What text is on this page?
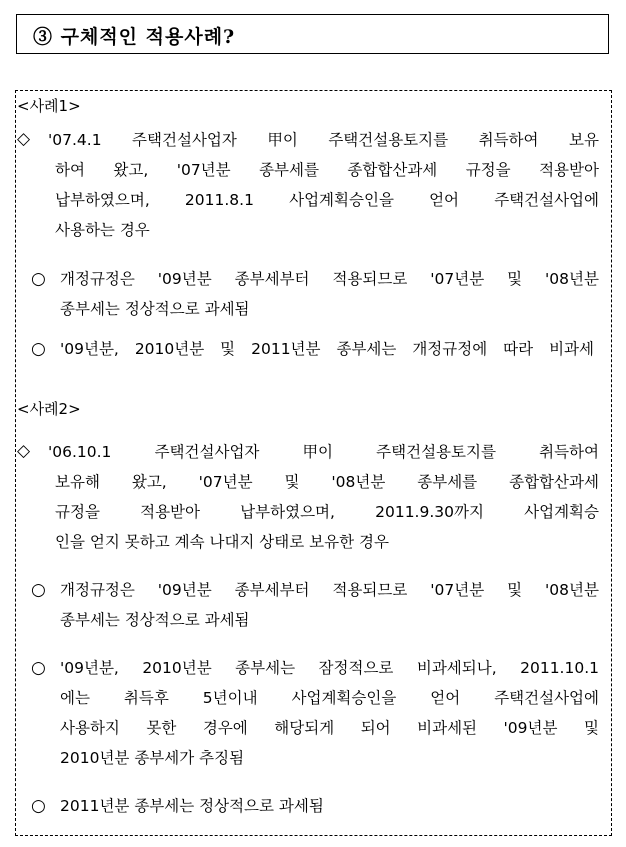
③ 구체적인 적용사례?
<사례1>
◇ '07.4.1 주택건설사업자 甲이 주택건설용토지를 취득하여 보유
하여 왔고, '07년분 종부세를 종합합산과세 규정을 적용받아
납부하였으며, 2011.8.1 사업계획승인을 얻어 주택건설사업에
사용하는 경우
○ 개정규정은 '09년분 종부세부터 적용되므로 '07년분 및 '08년분
종부세는 정상적으로 과세됨
○ '09년분, 2010년분 및 2011년분 종부세는 개정규정에 따라 비과세
<사례2>
◇ '06.10.1	주택건설사업자	甲이	주택건설용토지를	취득하여
보유해 왔고, '07년분 및 '08년분 종부세를 종합합산과세
규정을	적용받아	납부하였으며,	2011.9.30까지	사업계획승
인을 얻지 못하고 계속 나대지 상태로 보유한 경우
○ 개정규정은 '09년분 종부세부터 적용되므로 '07년분 및 '08년분
종부세는 정상적으로 과세됨
○ '09년분, 2010년분 종부세는 잠정적으로 비과세되나, 2011.10.1
에는 취득후 5년이내 사업계획승인을 얻어 주택건설사업에
사용하지 못한 경우에 해당되게 되어 비과세된 '09년분 및
2010년분 종부세가 추징됨
○ 2011년분 종부세는 정상적으로 과세됨
